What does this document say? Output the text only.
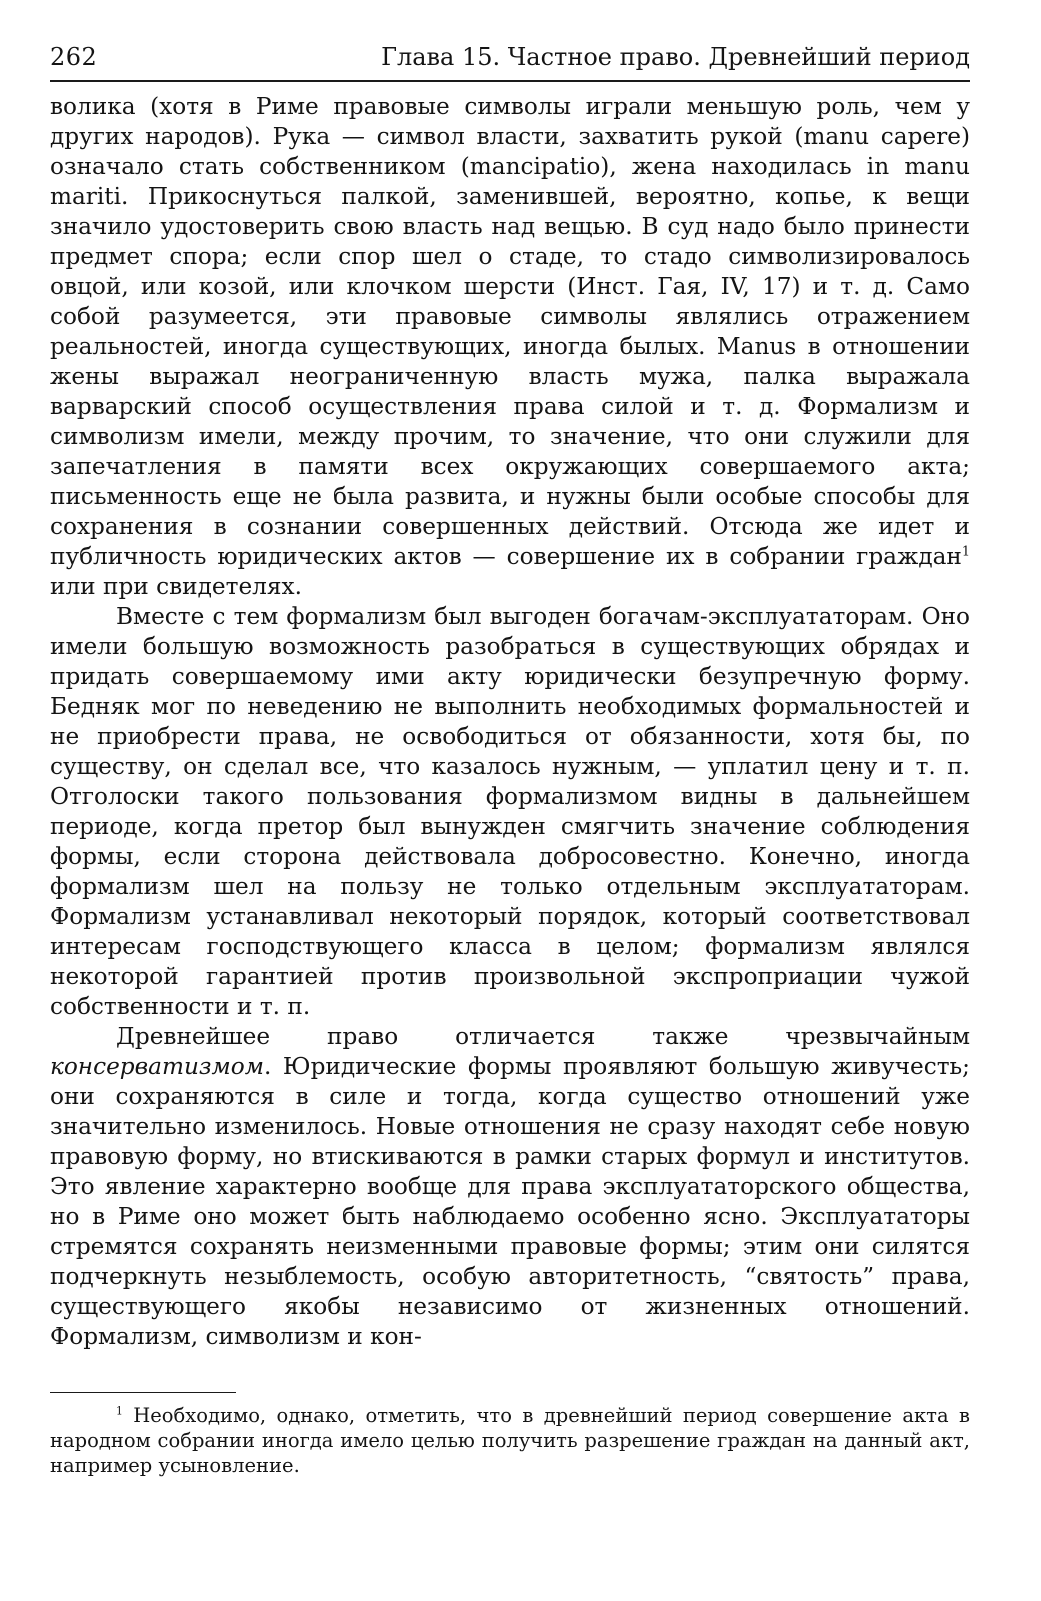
262	Глава 15. Частное право. Древнейший период

волика (хотя в Риме правовые символы играли меньшую роль, чем у других народов). Рука — символ власти, захватить рукой (manu capere) означало стать собственником (mancipatio), жена находилась in manu mariti. Прикоснуться палкой, заменившей, вероятно, копье, к вещи значило удостоверить свою власть над вещью. В суд надо было принести предмет спора; если спор шел о стаде, то стадо символизировалось овцой, или козой, или клочком шерсти (Инст. Гая, IV, 17) и т. д. Само собой разумеется, эти правовые символы являлись отражением реальностей, иногда существующих, иногда былых. Manus в отношении жены выражал неограниченную власть мужа, палка выражала варварский способ осуществления права силой и т. д. Формализм и символизм имели, между прочим, то значение, что они служили для запечатления в памяти всех окружающих совершаемого акта; письменность еще не была развита, и нужны были особые способы для сохранения в сознании совершенных действий. Отсюда же идет и публичность юридических актов — совершение их в собрании граждан$^1$ или при свидетелях.

Вместе с тем формализм был выгоден богачам-эксплуататорам. Оно имели большую возможность разобраться в существующих обрядах и придать совершаемому ими акту юридически безупречную форму. Бедняк мог по неведению не выполнить необходимых формальностей и не приобрести права, не освободиться от обязанности, хотя бы, по существу, он сделал все, что казалось нужным, — уплатил цену и т. п. Отголоски такого пользования формализмом видны в дальнейшем периоде, когда претор был вынужден смягчить значение соблюдения формы, если сторона действовала добросовестно. Конечно, иногда формализм шел на пользу не только отдельным эксплуататорам. Формализм устанавливал некоторый порядок, который соответствовал интересам господствующего класса в целом; формализм являлся некоторой гарантией против произвольной экспроприации чужой собственности и т. п.

Древнейшее право отличается также чрезвычайным консерватизмом. Юридические формы проявляют большую живучесть; они сохраняются в силе и тогда, когда существо отношений уже значительно изменилось. Новые отношения не сразу находят себе новую правовую форму, но втискиваются в рамки старых формул и институтов. Это явление характерно вообще для права эксплуататорского общества, но в Риме оно может быть наблюдаемо особенно ясно. Эксплуататоры стремятся сохранять неизменными правовые формы; этим они силятся подчеркнуть незыблемость, особую авторитетность, “святость” права, существующего якобы независимо от жизненных отношений. Формализм, символизм и кон-

$^1$ Необходимо, однако, отметить, что в древнейший период совершение акта в народном собрании иногда имело целью получить разрешение граждан на данный акт, например усыновление.
